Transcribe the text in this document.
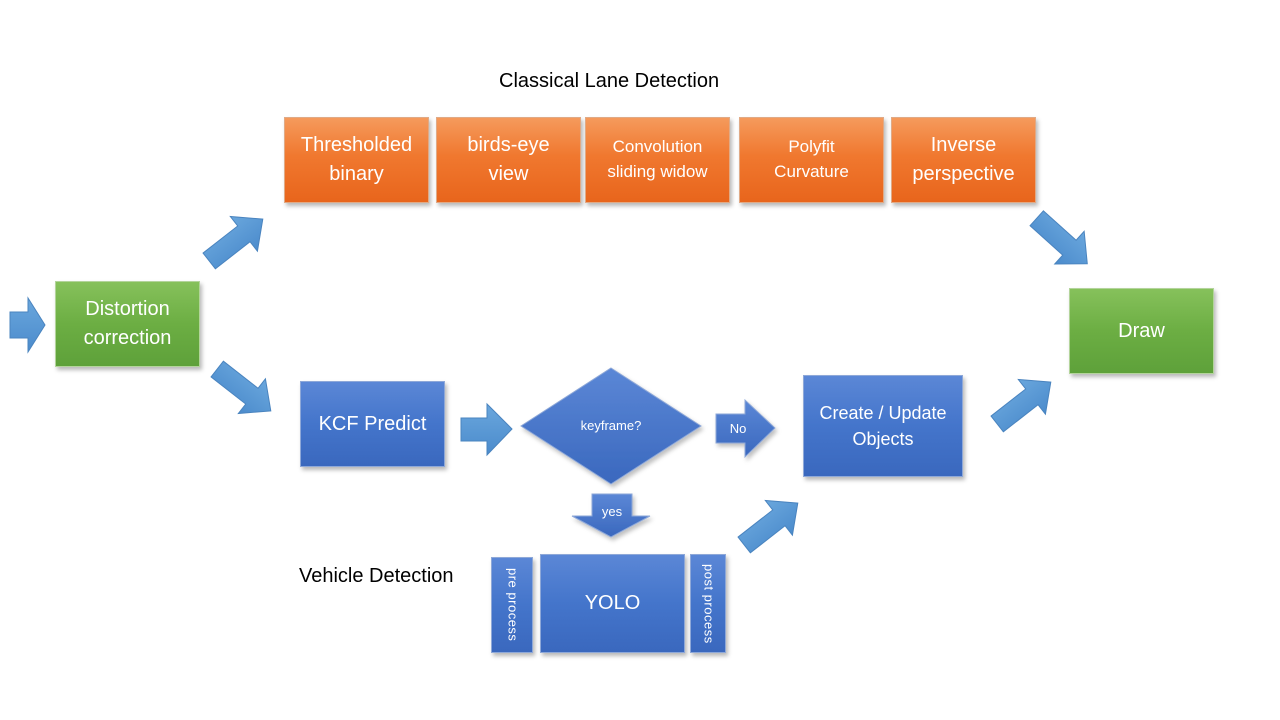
Classical Lane Detection
Vehicle Detection
Thresholded
binary
birds-eye
view
Convolution
sliding widow
Polyfit
Curvature
Inverse
perspective
Distortion
correction	Draw
KCF Predict	keyframe?	No
yes
Create / Update
Objects
pre process	YOLO	post process
